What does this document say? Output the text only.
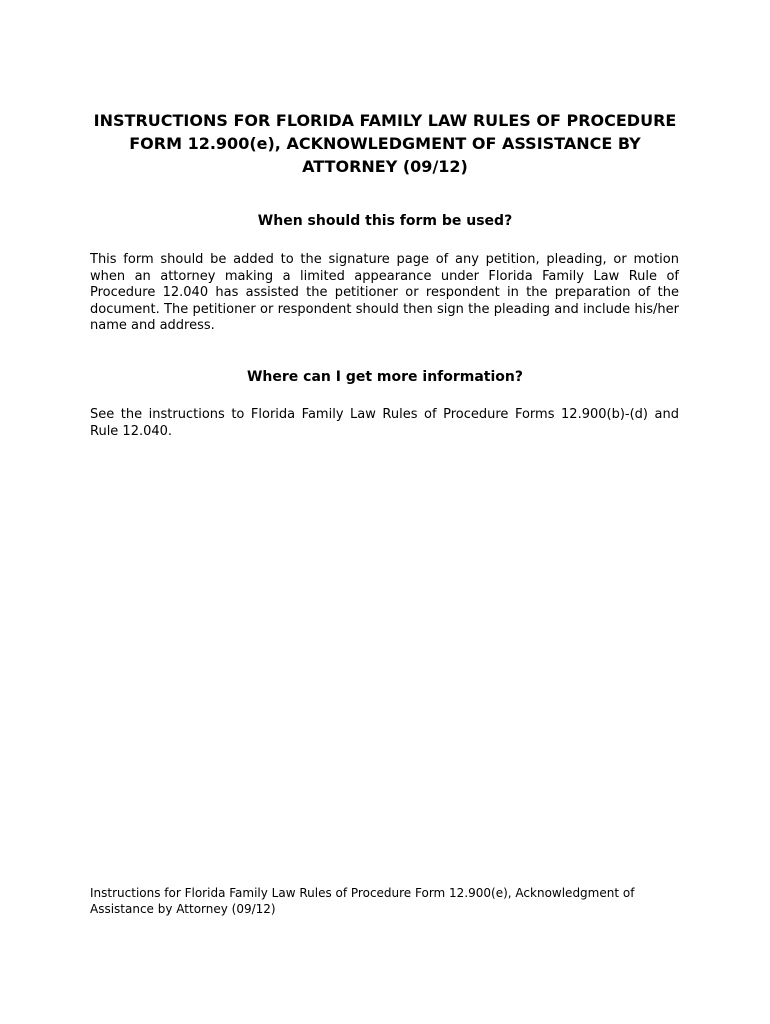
INSTRUCTIONS FOR FLORIDA FAMILY LAW RULES OF PROCEDURE FORM 12.900(e), ACKNOWLEDGMENT OF ASSISTANCE BY ATTORNEY (09/12)
When should this form be used?

This form should be added to the signature page of any petition, pleading, or motion when an attorney making a limited appearance under Florida Family Law Rule of Procedure 12.040 has assisted the petitioner or respondent in the preparation of the document. The petitioner or respondent should then sign the pleading and include his/her name and address.

Where can I get more information?

See the instructions to Florida Family Law Rules of Procedure Forms 12.900(b)-(d) and Rule 12.040.

Instructions for Florida Family Law Rules of Procedure Form 12.900(e), Acknowledgment of Assistance by Attorney (09/12)
